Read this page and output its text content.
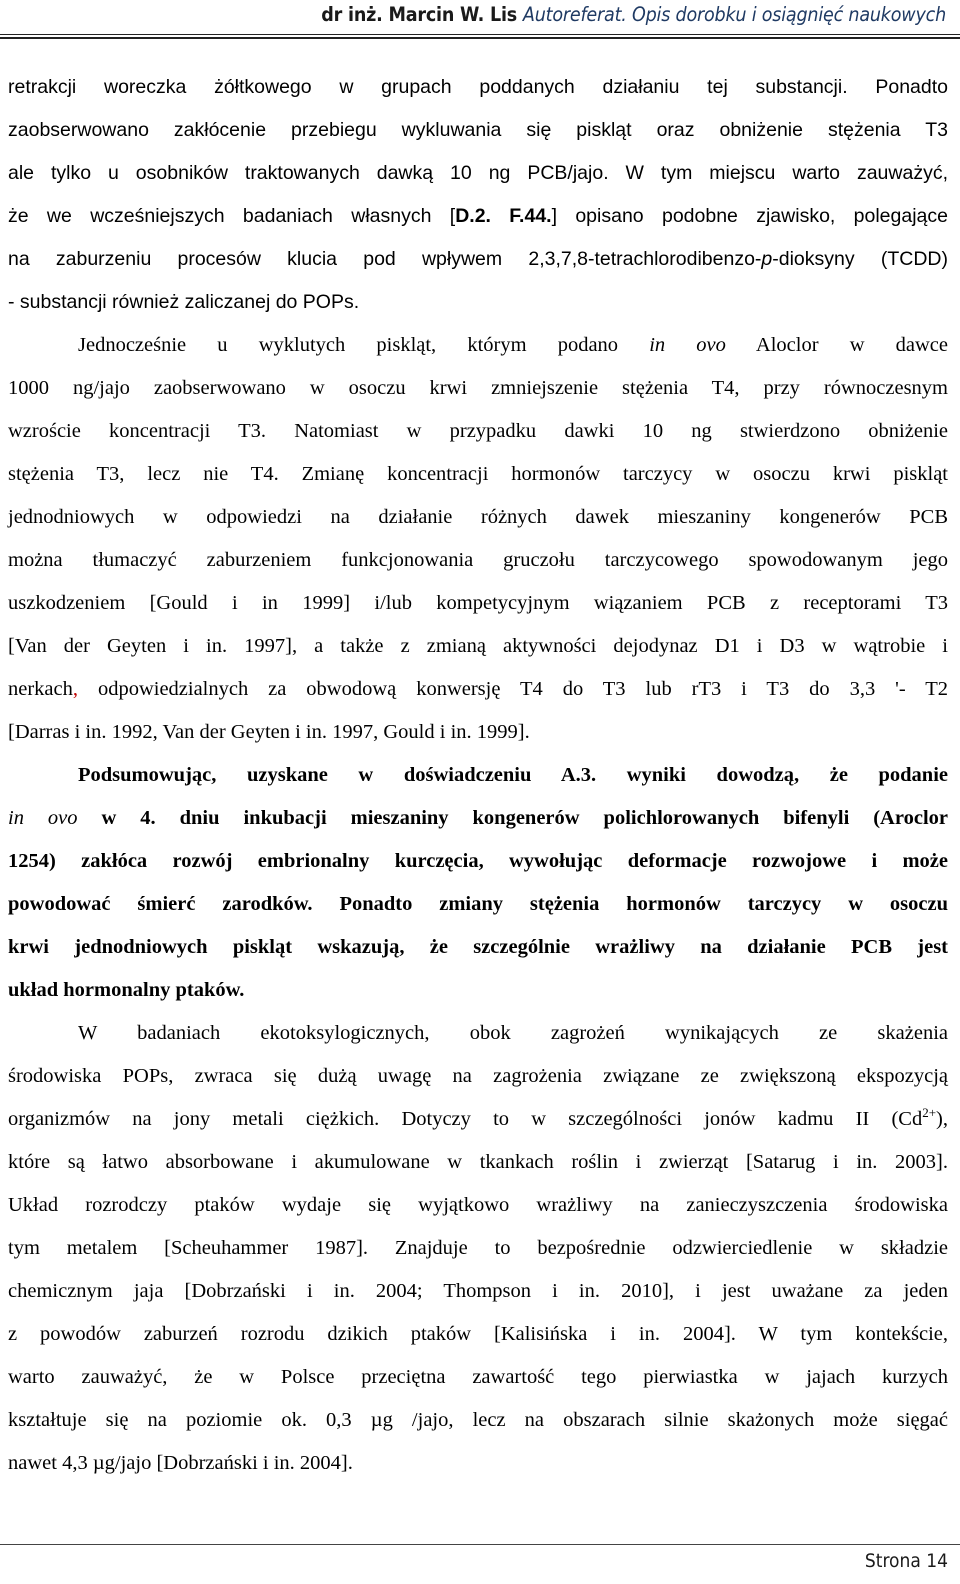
dr inż. Marcin W. Lis Autoreferat. Opis dorobku i osiągnięć naukowych
retrakcji woreczka żółtkowego w grupach poddanych działaniu tej substancji. Ponadto
zaobserwowano zakłócenie przebiegu wykluwania się piskląt oraz obniżenie stężenia T3
ale tylko u osobników traktowanych dawką 10 ng PCB/jajo. W tym miejscu warto zauważyć,
że we wcześniejszych badaniach własnych [D.2. F.44.] opisano podobne zjawisko, polegające
na zaburzeniu procesów klucia pod wpływem 2,3,7,8-tetrachlorodibenzo-p-dioksyny (TCDD)
- substancji również zaliczanej do POPs.
Jednocześnie u wyklutych piskląt, którym podano in ovo Aloclor w dawce
1000 ng/jajo zaobserwowano w osoczu krwi zmniejszenie stężenia T4, przy równoczesnym
wzroście koncentracji T3. Natomiast w przypadku dawki 10 ng stwierdzono obniżenie
stężenia T3, lecz nie T4. Zmianę koncentracji hormonów tarczycy w osoczu krwi piskląt
jednodniowych w odpowiedzi na działanie różnych dawek mieszaniny kongenerów PCB
można tłumaczyć zaburzeniem funkcjonowania gruczołu tarczycowego spowodowanym jego
uszkodzeniem [Gould i in 1999] i/lub kompetycyjnym wiązaniem PCB z receptorami T3
[Van der Geyten i in. 1997], a także z zmianą aktywności dejodynaz D1 i D3 w wątrobie i
nerkach, odpowiedzialnych za obwodową konwersję T4 do T3 lub rT3 i T3 do 3,3 '- T2
[Darras i in. 1992, Van der Geyten i in. 1997, Gould i in. 1999].
Podsumowując, uzyskane w doświadczeniu A.3. wyniki dowodzą, że podanie
in ovo w 4. dniu inkubacji mieszaniny kongenerów polichlorowanych bifenyli (Aroclor
1254) zakłóca rozwój embrionalny kurczęcia, wywołując deformacje rozwojowe i może
powodować śmierć zarodków. Ponadto zmiany stężenia hormonów tarczycy w osoczu
krwi jednodniowych piskląt wskazują, że szczególnie wrażliwy na działanie PCB jest
układ hormonalny ptaków.
W badaniach ekotoksylogicznych, obok zagrożeń wynikających ze skażenia
środowiska POPs, zwraca się dużą uwagę na zagrożenia związane ze zwiększoną ekspozycją
organizmów na jony metali ciężkich. Dotyczy to w szczególności jonów kadmu II $(Cd^{2+})$,
które są łatwo absorbowane i akumulowane w tkankach roślin i zwierząt [Satarug i in. 2003].
Układ rozrodczy ptaków wydaje się wyjątkowo wrażliwy na zanieczyszczenia środowiska
tym metalem [Scheuhammer 1987]. Znajduje to bezpośrednie odzwierciedlenie w składzie
chemicznym jaja [Dobrzański i in. 2004; Thompson i in. 2010], i jest uważane za jeden
z powodów zaburzeń rozrodu dzikich ptaków [Kalisińska i in. 2004]. W tym kontekście,
warto zauważyć, że w Polsce przeciętna zawartość tego pierwiastka w jajach kurzych
kształtuje się na poziomie ok. 0,3 µg /jajo, lecz na obszarach silnie skażonych może sięgać
nawet 4,3 µg/jajo [Dobrzański i in. 2004].
Strona 14
